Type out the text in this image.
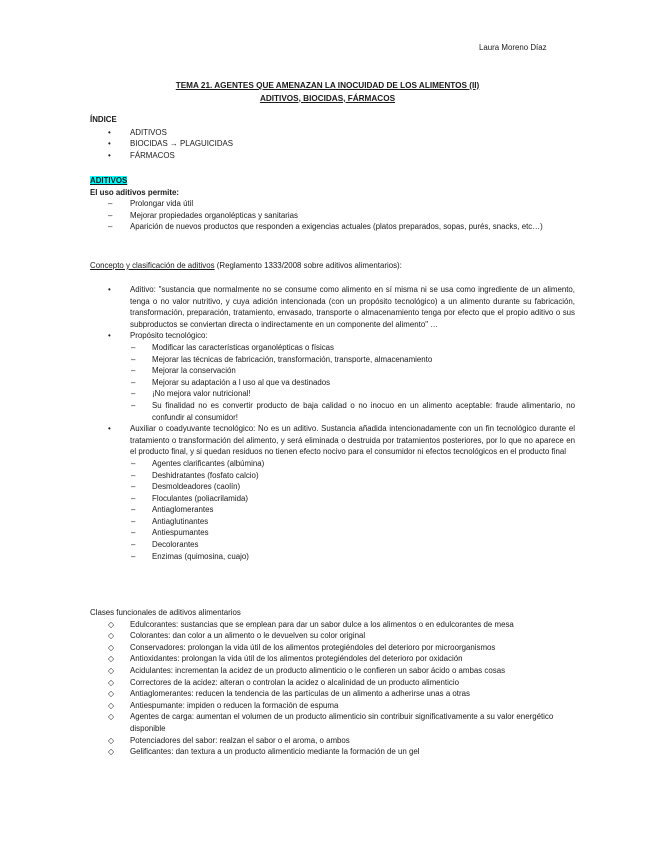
Laura Moreno Díaz
TEMA 21. AGENTES QUE AMENAZAN LA INOCUIDAD DE LOS ALIMENTOS (II)
ADITIVOS, BIOCIDAS, FÁRMACOS
ÍNDICE
• ADITIVOS
• BIOCIDAS → PLAGUICIDAS
• FÁRMACOS
ADITIVOS
El uso aditivos permite:
– Prolongar vida útil
– Mejorar propiedades organolépticas y sanitarias
– Aparición de nuevos productos que responden a exigencias actuales (platos preparados, sopas, purés, snacks, etc…)
Concepto y clasificación de aditivos (Reglamento 1333/2008 sobre aditivos alimentarios):
• Aditivo: "sustancia que normalmente no se consume como alimento en sí misma ni se usa como ingrediente de un alimento, tenga o no valor nutritivo, y cuya adición intencionada (con un propósito tecnológico) a un alimento durante su fabricación, transformación, preparación, tratamiento, envasado, transporte o almacenamiento tenga por efecto que el propio aditivo o sus subproductos se conviertan directa o indirectamente en un componente del alimento" …
• Propósito tecnológico:
– Modificar las características organolépticas o físicas
– Mejorar las técnicas de fabricación, transformación, transporte, almacenamiento
– Mejorar la conservación
– Mejorar su adaptación a l uso al que va destinados
– ¡No mejora valor nutricional!
– Su finalidad no es convertir producto de baja calidad o no inocuo en un alimento aceptable: fraude alimentario, no confundir al consumidor!
• Auxiliar o coadyuvante tecnológico: No es un aditivo. Sustancia añadida intencionadamente con un fin tecnológico durante el tratamiento o transformación del alimento, y será eliminada o destruida por tratamientos posteriores, por lo que no aparece en el producto final, y si quedan residuos no tienen efecto nocivo para el consumidor ni efectos tecnológicos en el producto final
– Agentes clarificantes (albúmina)
– Deshidratantes (fosfato calcio)
– Desmoldeadores (caolín)
– Floculantes (poliacrilamida)
– Antiaglomerantes
– Antiaglutinantes
– Antiespumantes
– Decolorantes
– Enzimas (quimosina, cuajo)
Clases funcionales de aditivos alimentarios
◇ Edulcorantes: sustancias que se emplean para dar un sabor dulce a los alimentos o en edulcorantes de mesa
◇ Colorantes: dan color a un alimento o le devuelven su color original
◇ Conservadores: prolongan la vida útil de los alimentos protegiéndoles del deterioro por microorganismos
◇ Antioxidantes: prolongan la vida útil de los alimentos protegiéndoles del deterioro por oxidación
◇ Acidulantes: incrementan la acidez de un producto alimenticio o le confieren un sabor ácido o ambas cosas
◇ Correctores de la acidez: alteran o controlan la acidez o alcalinidad de un producto alimenticio
◇ Antiaglomerantes: reducen la tendencia de las partículas de un alimento a adherirse unas a otras
◇ Antiespumante: impiden o reducen la formación de espuma
◇ Agentes de carga: aumentan el volumen de un producto alimenticio sin contribuir significativamente a su valor energético disponible
◇ Potenciadores del sabor: realzan el sabor o el aroma, o ambos
◇ Gelificantes: dan textura a un producto alimenticio mediante la formación de un gel
